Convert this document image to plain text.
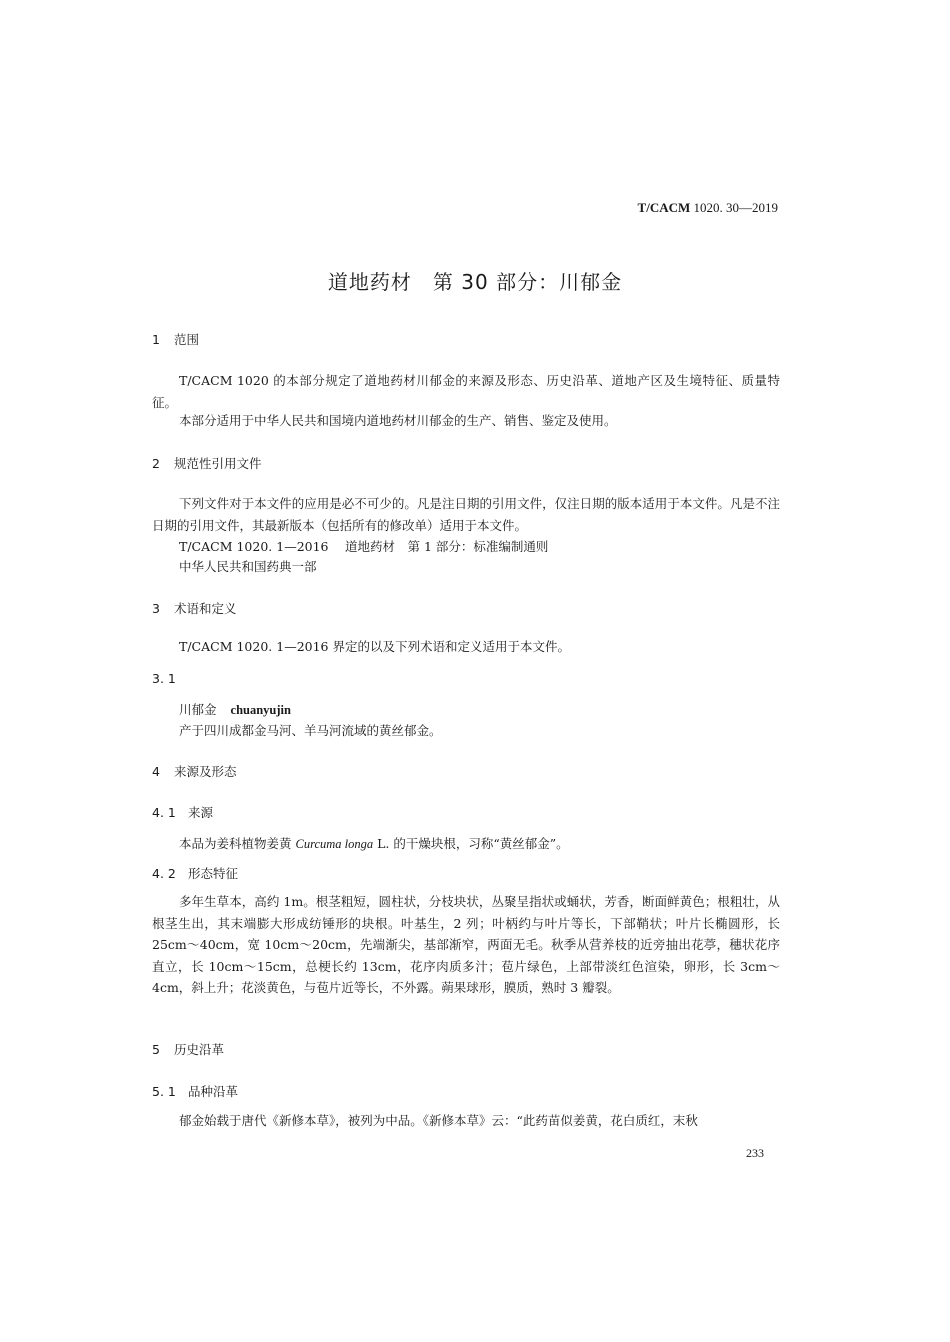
T/CACM 1020. 30—2019
道地药材　第 30 部分：川郁金
1 范围
T/CACM 1020 的本部分规定了道地药材川郁金的来源及形态、历史沿革、道地产区及生境特征、质量特征。
本部分适用于中华人民共和国境内道地药材川郁金的生产、销售、鉴定及使用。
2 规范性引用文件
下列文件对于本文件的应用是必不可少的。凡是注日期的引用文件，仅注日期的版本适用于本文件。凡是不注日期的引用文件，其最新版本（包括所有的修改单）适用于本文件。
T/CACM 1020. 1—2016　 道地药材　第 1 部分：标准编制通则
中华人民共和国药典一部
3 术语和定义
T/CACM 1020. 1—2016 界定的以及下列术语和定义适用于本文件。
3. 1
川郁金 chuanyujin
产于四川成都金马河、羊马河流域的黄丝郁金。
4 来源及形态
4. 1 来源
本品为姜科植物姜黄 Curcuma longa L. 的干燥块根，习称“黄丝郁金”。
4. 2 形态特征
多年生草本，高约 1m。根茎粗短，圆柱状，分枝块状，丛聚呈指状或蛹状，芳香，断面鲜黄色；根粗壮，从根茎生出，其末端膨大形成纺锤形的块根。叶基生，2 列；叶柄约与叶片等长，下部鞘状；叶片长椭圆形，长 25cm～40cm，宽 10cm～20cm，先端渐尖，基部渐窄，两面无毛。秋季从营养枝的近旁抽出花葶，穗状花序直立，长 10cm～15cm，总梗长约 13cm，花序肉质多汁；苞片绿色，上部带淡红色渲染，卵形，长 3cm～4cm，斜上升；花淡黄色，与苞片近等长，不外露。蒴果球形，膜质，熟时 3 瓣裂。
5 历史沿革
5. 1 品种沿革
郁金始载于唐代《新修本草》，被列为中品。《新修本草》云：“此药苗似姜黄，花白质红，末秋
233
